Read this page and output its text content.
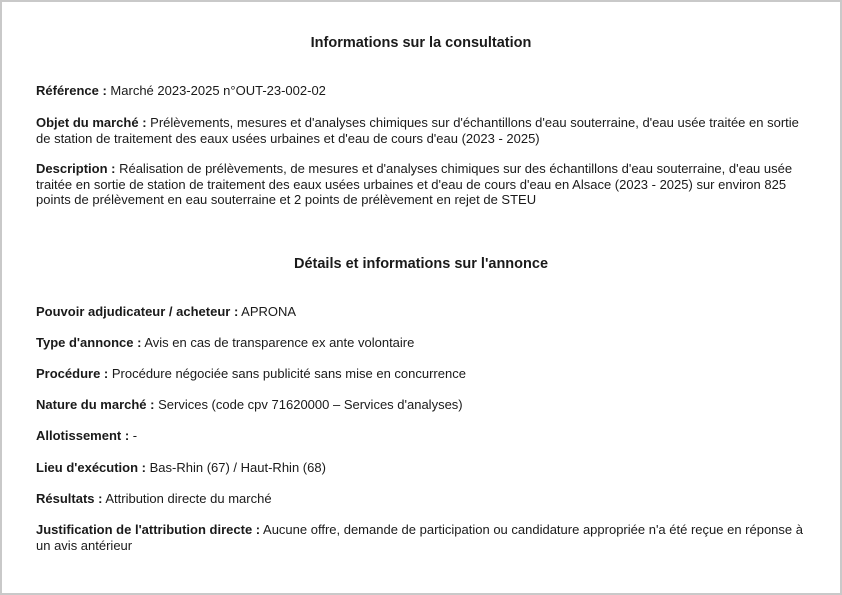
Informations sur la consultation
Référence : Marché 2023-2025 n°OUT-23-002-02
Objet du marché : Prélèvements, mesures et d'analyses chimiques sur d'échantillons d'eau souterraine, d'eau usée traitée en sortie de station de traitement des eaux usées urbaines et d'eau de cours d'eau (2023 - 2025)
Description : Réalisation de prélèvements, de mesures et d'analyses chimiques sur des échantillons d'eau souterraine, d'eau usée traitée en sortie de station de traitement des eaux usées urbaines et d'eau de cours d'eau en Alsace (2023 - 2025) sur environ 825 points de prélèvement en eau souterraine et 2 points de prélèvement en rejet de STEU
Détails et informations sur l'annonce
Pouvoir adjudicateur / acheteur : APRONA
Type d'annonce : Avis en cas de transparence ex ante volontaire
Procédure : Procédure négociée sans publicité sans mise en concurrence
Nature du marché : Services (code cpv 71620000 – Services d'analyses)
Allotissement : -
Lieu d'exécution : Bas-Rhin (67) / Haut-Rhin (68)
Résultats : Attribution directe du marché
Justification de l'attribution directe : Aucune offre, demande de participation ou candidature appropriée n'a été reçue en réponse à un avis antérieur
